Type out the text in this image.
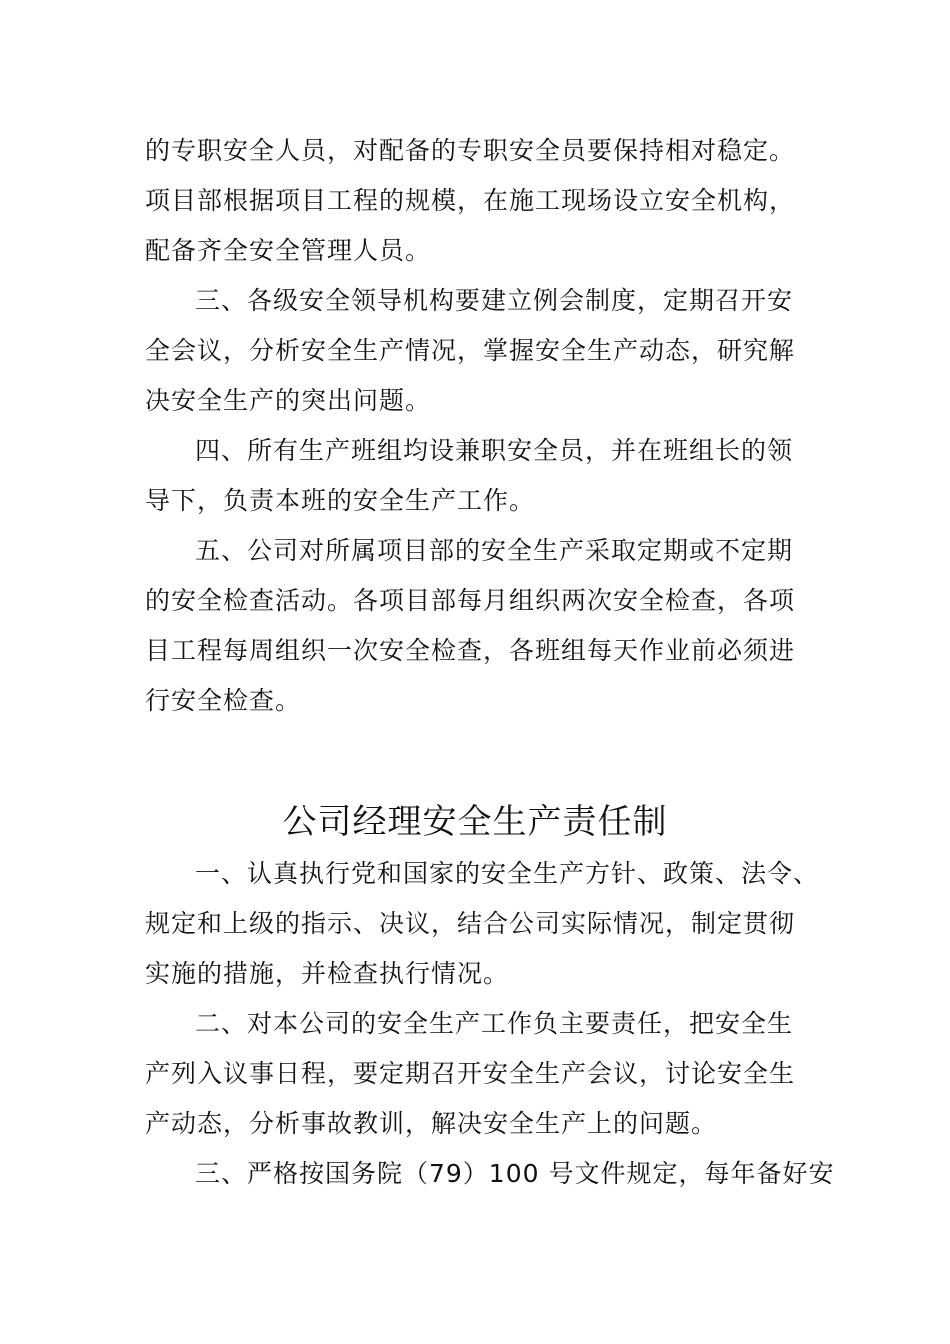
的专职安全人员，对配备的专职安全员要保持相对稳定。
项目部根据项目工程的规模，在施工现场设立安全机构，
配备齐全安全管理人员。
三、各级安全领导机构要建立例会制度，定期召开安
全会议，分析安全生产情况，掌握安全生产动态，研究解
决安全生产的突出问题。
四、所有生产班组均设兼职安全员，并在班组长的领
导下，负责本班的安全生产工作。
五、公司对所属项目部的安全生产采取定期或不定期
的安全检查活动。各项目部每月组织两次安全检查，各项
目工程每周组织一次安全检查，各班组每天作业前必须进
行安全检查。
公司经理安全生产责任制
一、认真执行党和国家的安全生产方针、政策、法令、
规定和上级的指示、决议，结合公司实际情况，制定贯彻
实施的措施，并检查执行情况。
二、对本公司的安全生产工作负主要责任，把安全生
产列入议事日程，要定期召开安全生产会议，讨论安全生
产动态，分析事故教训，解决安全生产上的问题。
三、严格按国务院（79）100 号文件规定，每年备好安
